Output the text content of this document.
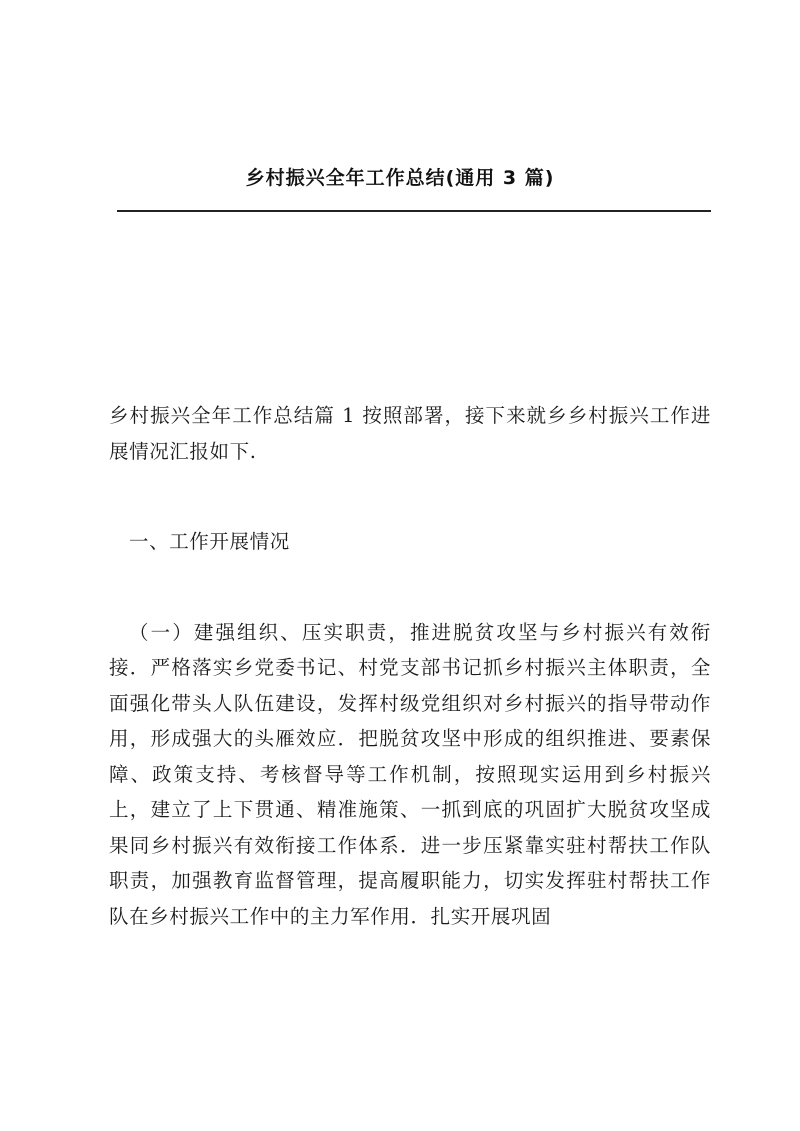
乡村振兴全年工作总结(通用 3 篇)

乡村振兴全年工作总结篇 1 按照部署，接下来就乡乡村振兴工作进展情况汇报如下.

一、工作开展情况

（一）建强组织、压实职责，推进脱贫攻坚与乡村振兴有效衔接．严格落实乡党委书记、村党支部书记抓乡村振兴主体职责，全面强化带头人队伍建设，发挥村级党组织对乡村振兴的指导带动作用，形成强大的头雁效应．把脱贫攻坚中形成的组织推进、要素保障、政策支持、考核督导等工作机制，按照现实运用到乡村振兴上，建立了上下贯通、精准施策、一抓到底的巩固扩大脱贫攻坚成果同乡村振兴有效衔接工作体系．进一步压紧靠实驻村帮扶工作队职责，加强教育监督管理，提高履职能力，切实发挥驻村帮扶工作队在乡村振兴工作中的主力军作用．扎实开展巩固
